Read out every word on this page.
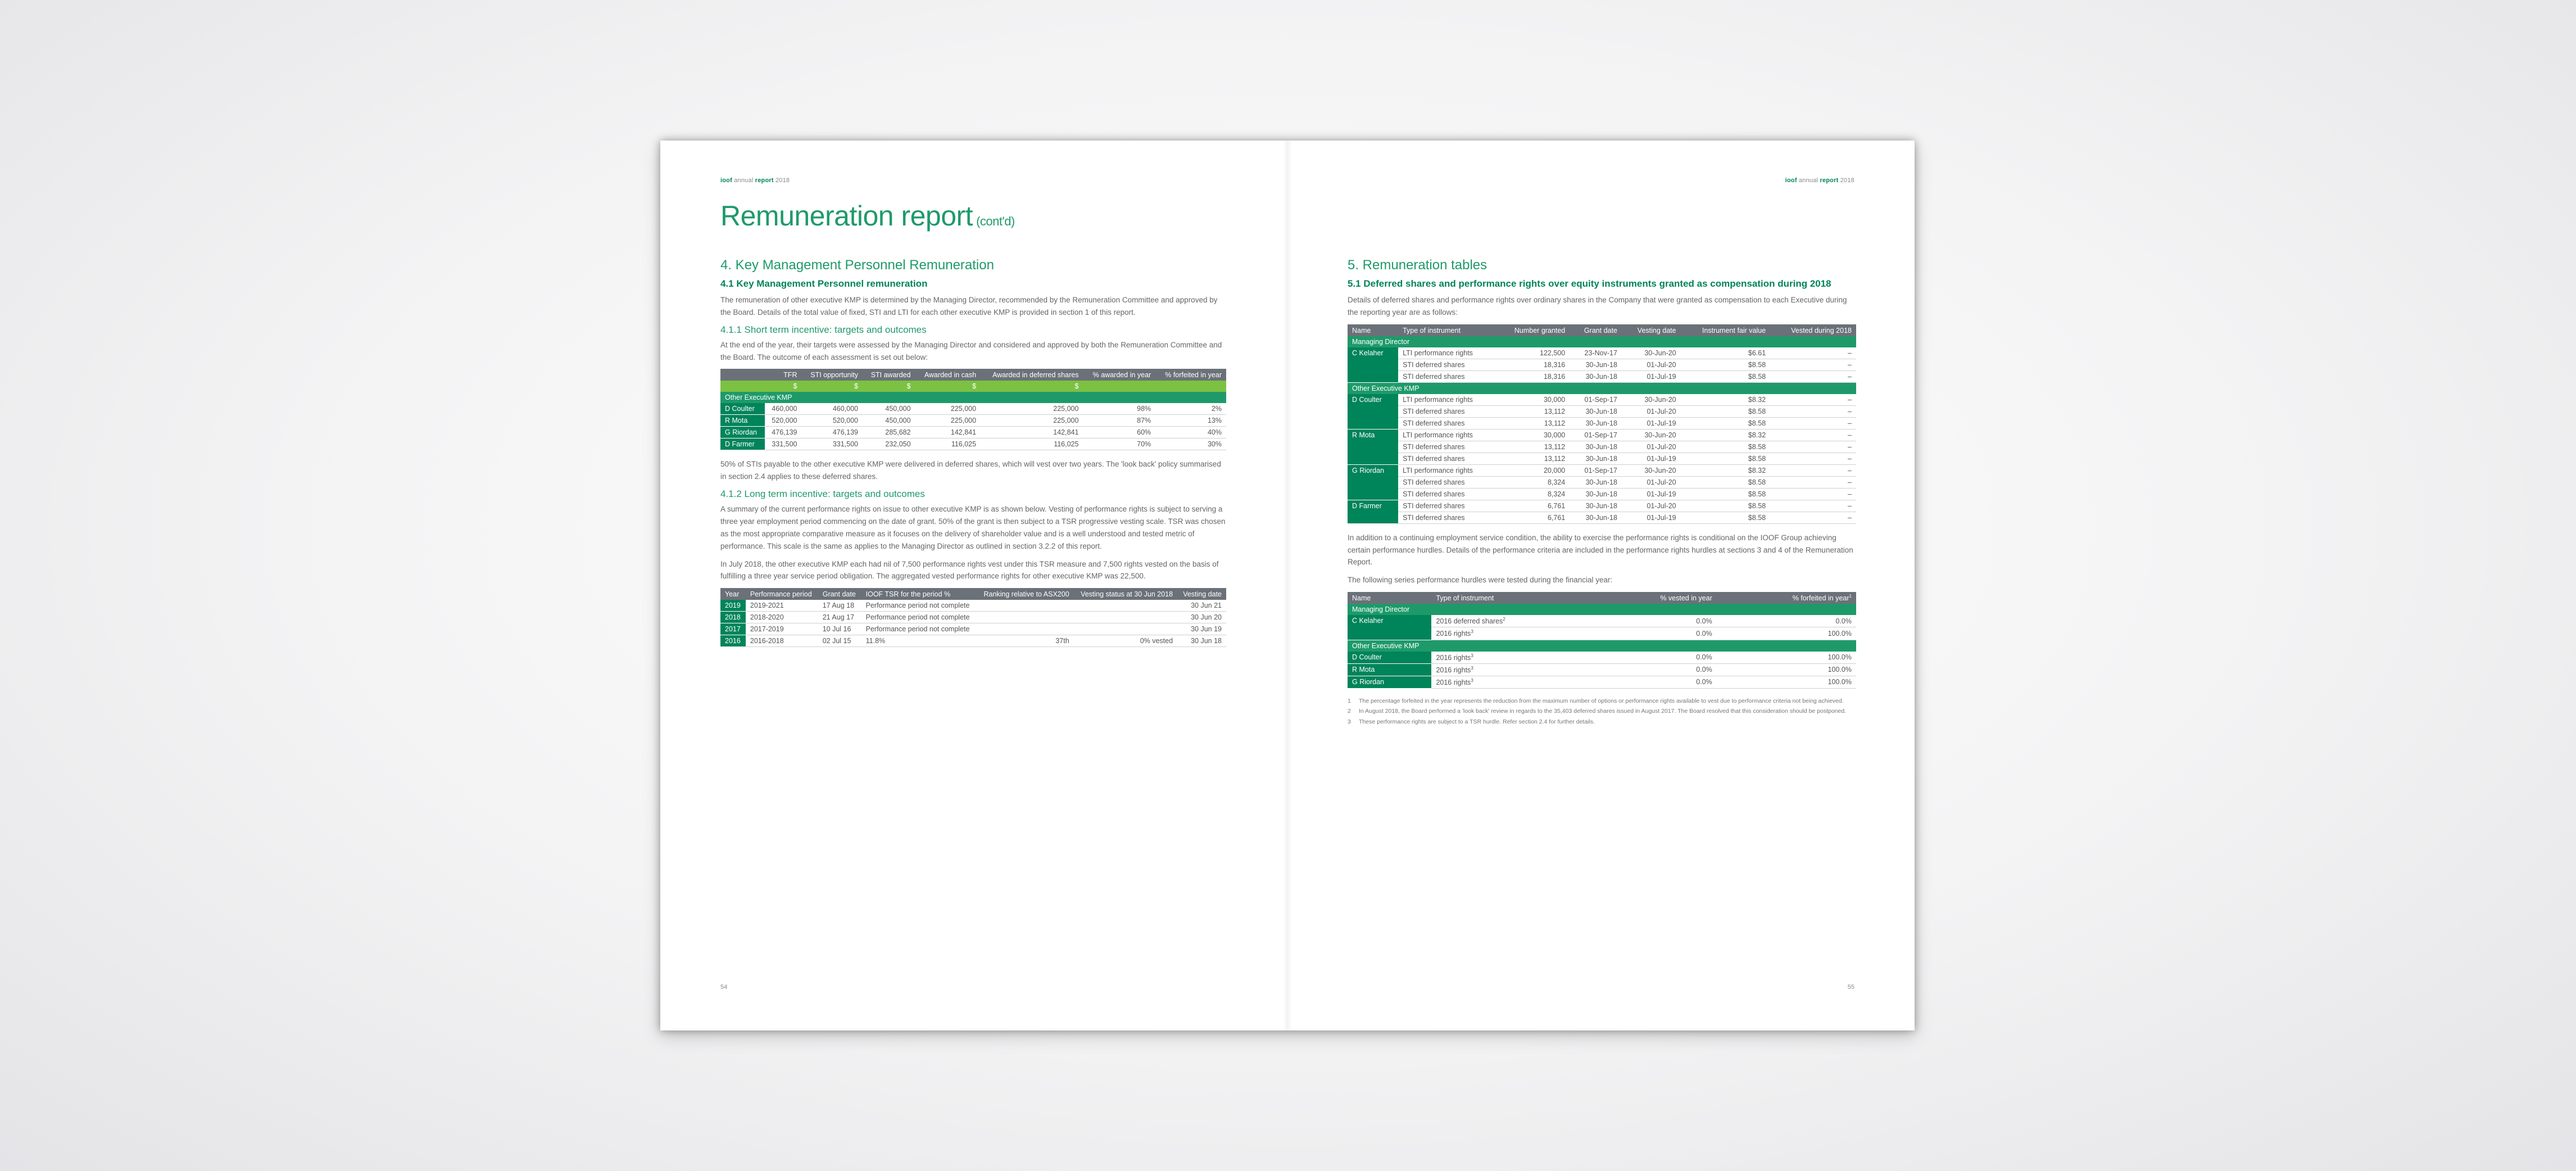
ioof annual report 2018
Remuneration report (cont'd)
4. Key Management Personnel Remuneration
4.1 Key Management Personnel remuneration

The remuneration of other executive KMP is determined by the Managing Director, recommended by the Remuneration Committee and approved by the Board. Details of the total value of fixed, STI and LTI for each other executive KMP is provided in section 1 of this report.

4.1.1 Short term incentive: targets and outcomes

At the end of the year, their targets were assessed by the Managing Director and considered and approved by both the Remuneration Committee and the Board. The outcome of each assessment is set out below:

	TFR	STI opportunity	STI awarded	Awarded in cash	Awarded in deferred shares	% awarded in year	% forfeited in year
	$	$	$	$	$		
Other Executive KMP							
D Coulter	460,000	460,000	450,000	225,000	225,000	98%	2%
R Mota	520,000	520,000	450,000	225,000	225,000	87%	13%
G Riordan	476,139	476,139	285,682	142,841	142,841	60%	40%
D Farmer	331,500	331,500	232,050	116,025	116,025	70%	30%

50% of STIs payable to the other executive KMP were delivered in deferred shares, which will vest over two years. The 'look back' policy summarised in section 2.4 applies to these deferred shares.

4.1.2 Long term incentive: targets and outcomes

A summary of the current performance rights on issue to other executive KMP is as shown below. Vesting of performance rights is subject to serving a three year employment period commencing on the date of grant. 50% of the grant is then subject to a TSR progressive vesting scale. TSR was chosen as the most appropriate comparative measure as it focuses on the delivery of shareholder value and is a well understood and tested metric of performance. This scale is the same as applies to the Managing Director as outlined in section 3.2.2 of this report.

In July 2018, the other executive KMP each had nil of 7,500 performance rights vest under this TSR measure and 7,500 rights vested on the basis of fulfilling a three year service period obligation. The aggregated vested performance rights for other executive KMP was 22,500.

Year	Performance period	Grant date	IOOF TSR for the period %	Ranking relative to ASX200	Vesting status at 30 Jun 2018	Vesting date
2019	2019-2021	17 Aug 18	Performance period not complete			30 Jun 21
2018	2018-2020	21 Aug 17	Performance period not complete			30 Jun 20
2017	2017-2019	10 Jul 16	Performance period not complete			30 Jun 19
2016	2016-2018	02 Jul 15	11.8%	37th	0% vested	30 Jun 18
54
ioof annual report 2018
5. Remuneration tables
5.1 Deferred shares and performance rights over equity instruments granted as compensation during 2018

Details of deferred shares and performance rights over ordinary shares in the Company that were granted as compensation to each Executive during the reporting year are as follows:

Name	Type of instrument	Number granted	Grant date	Vesting date	Instrument fair value	Vested during 2018
Managing Director						
C Kelaher	LTI performance rights	122,500	23-Nov-17	30-Jun-20	$6.61	–
	STI deferred shares	18,316	30-Jun-18	01-Jul-20	$8.58	–
	STI deferred shares	18,316	30-Jun-18	01-Jul-19	$8.58	–
Other Executive KMP						
D Coulter	LTI performance rights	30,000	01-Sep-17	30-Jun-20	$8.32	–
	STI deferred shares	13,112	30-Jun-18	01-Jul-20	$8.58	–
	STI deferred shares	13,112	30-Jun-18	01-Jul-19	$8.58	–
R Mota	LTI performance rights	30,000	01-Sep-17	30-Jun-20	$8.32	–
	STI deferred shares	13,112	30-Jun-18	01-Jul-20	$8.58	–
	STI deferred shares	13,112	30-Jun-18	01-Jul-19	$8.58	–
G Riordan	LTI performance rights	20,000	01-Sep-17	30-Jun-20	$8.32	–
	STI deferred shares	8,324	30-Jun-18	01-Jul-20	$8.58	–
	STI deferred shares	8,324	30-Jun-18	01-Jul-19	$8.58	–
D Farmer	STI deferred shares	6,761	30-Jun-18	01-Jul-20	$8.58	–
	STI deferred shares	6,761	30-Jun-18	01-Jul-19	$8.58	–

In addition to a continuing employment service condition, the ability to exercise the performance rights is conditional on the IOOF Group achieving certain performance hurdles. Details of the performance criteria are included in the performance rights hurdles at sections 3 and 4 of the Remuneration Report.

The following series performance hurdles were tested during the financial year:

Name	Type of instrument	% vested in year	% forfeited in year$^1$
Managing Director			
C Kelaher	2016 deferred shares$^2$	0.0%	0.0%
	2016 rights$^3$	0.0%	100.0%
Other Executive KMP			
D Coulter	2016 rights$^3$	0.0%	100.0%
R Mota	2016 rights$^3$	0.0%	100.0%
G Riordan	2016 rights$^3$	0.0%	100.0%
1 The percentage forfeited in the year represents the reduction from the maximum number of options or performance rights available to vest due to performance criteria not being achieved.
2 In August 2018, the Board performed a 'look back' review in regards to the 35,403 deferred shares issued in August 2017. The Board resolved that this consideration should be postponed.
3 These performance rights are subject to a TSR hurdle. Refer section 2.4 for further details.
55
